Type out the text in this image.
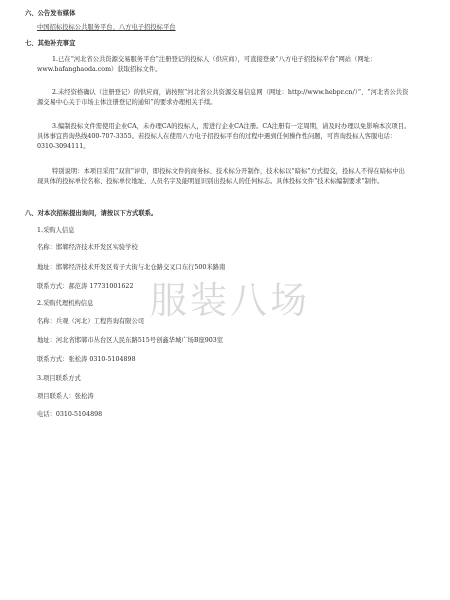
六、公告发布媒体
中国招标投标公共服务平台、八方电子招投标平台
七、其他补充事宜
1.已在“河北省公共资源交易服务平台”注册登记的投标人（供应商），可直接登录“八方电子招投标平台”网站（网址：www.bafanghaoda.com）获取招标文件。
2.未经资格确认（注册登记）的供应商，请按照“河北省公共资源交易信息网（网址：http://www.hebpr.cn/）”、“河北省公共资源交易中心关于市场主体注册登记的通知”的要求办理相关手续。
3.编制投标文件需使用企业CA，未办理CA的投标人，需进行企业CA注册。CA注册有一定周期，请及时办理以免影响本次项目。具体事宜咨询热线400-707-3355。若投标人在使用八方电子招投标平台的过程中遇到任何操作性问题，可咨询投标人客服电话：0310-3094111。
特别说明：本项目采用“双盲”评审，即投标文件的商务标、技术标分开制作，技术标以“暗标”方式提交，投标人不得在暗标中出现具体的投标单位名称、投标单位地址、人员名字及能明显识别出投标人的任何标志。具体投标文件“技术标编制要求”制作。
八、对本次招标提出询问，请按以下方式联系。
1.采购人信息
名称：邯郸经济技术开发区实验学校
地址：邯郸经济技术开发区荀子大街与北仓路交叉口东行500米路南
联系方式：郝范涛 17731001622
2.采购代理机构信息
名称：兵观（河北）工程咨询有限公司
地址：河北省邯郸市丛台区人民东路515号创鑫华城广场B座903室
联系方式：张松涛 0310-5104898
3.项目联系方式
项目联系人：张松涛
电话：0310-5104898
服装八场
